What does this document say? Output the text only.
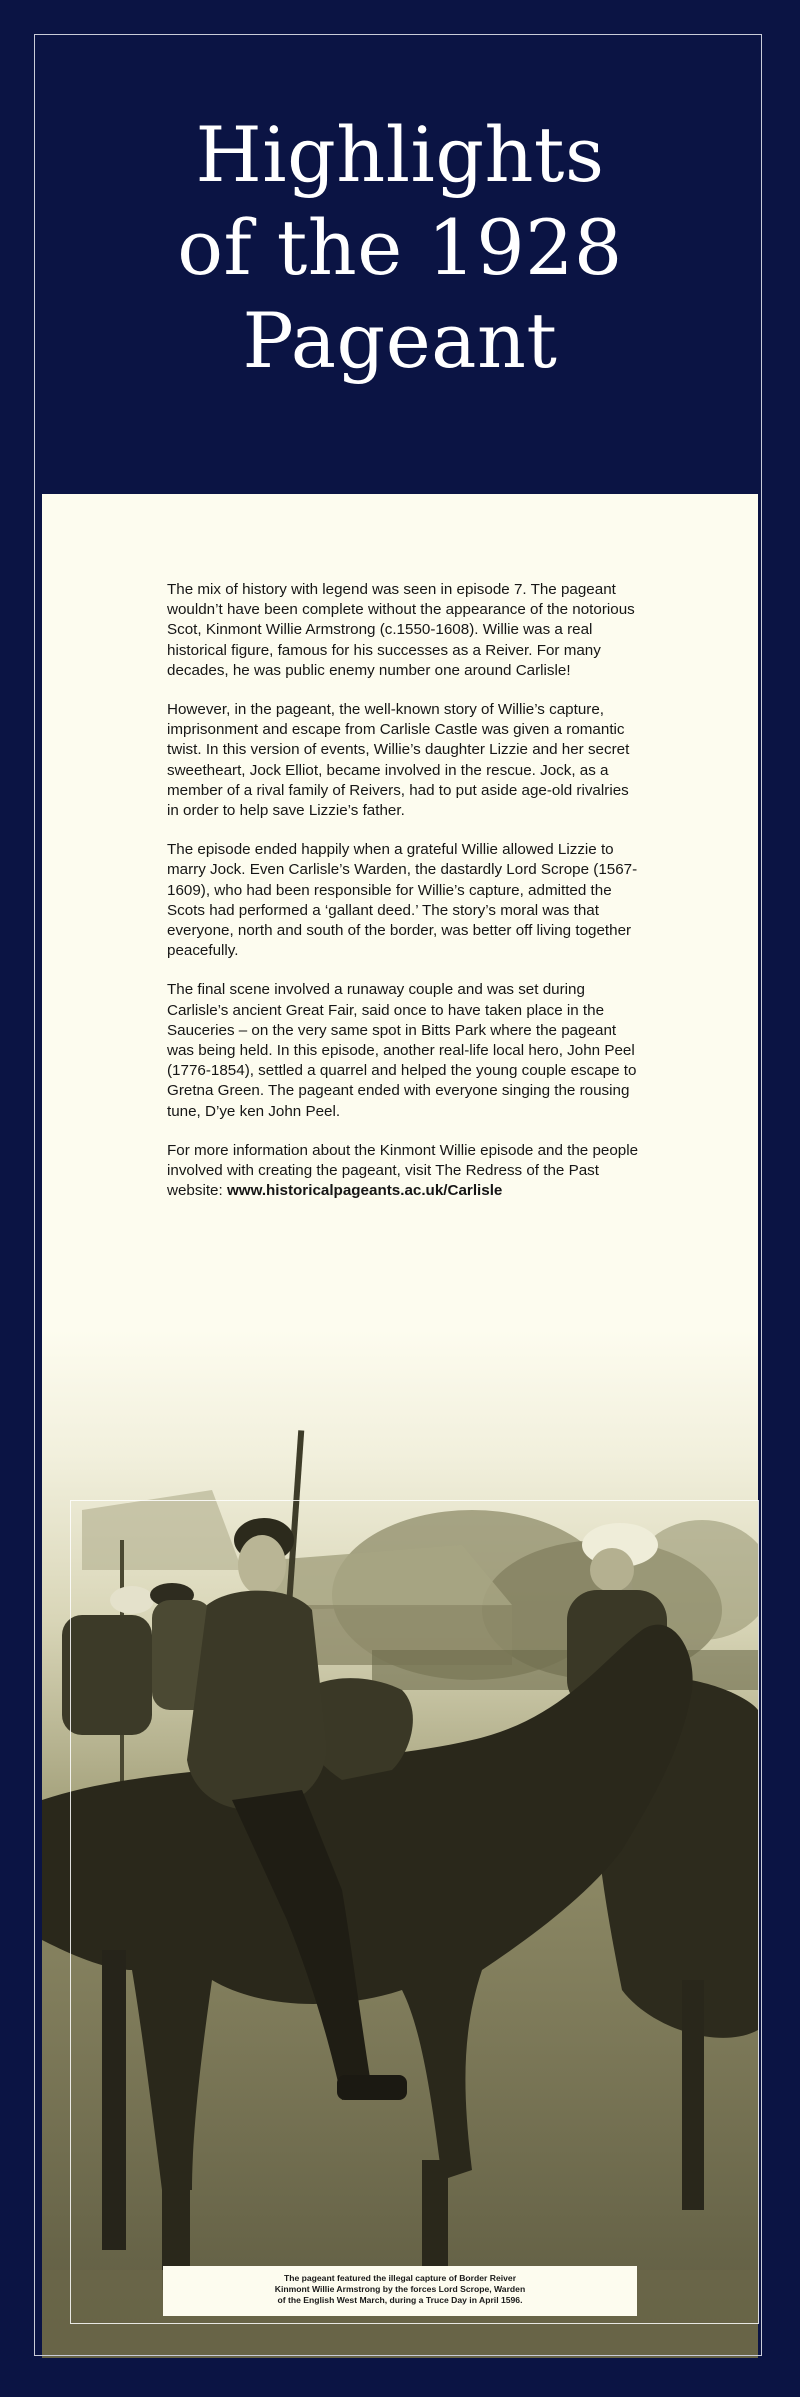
Highlights
of the 1928
Pageant

The mix of history with legend was seen in episode 7. The pageant wouldn’t have been complete without the appearance of the notorious Scot, Kinmont Willie Armstrong (c.1550-1608). Willie was a real historical figure, famous for his successes as a Reiver. For many decades, he was public enemy number one around Carlisle!

However, in the pageant, the well-known story of Willie’s capture, imprisonment and escape from Carlisle Castle was given a romantic twist. In this version of events, Willie’s daughter Lizzie and her secret sweetheart, Jock Elliot, became involved in the rescue. Jock, as a member of a rival family of Reivers, had to put aside age-old rivalries in order to help save Lizzie’s father.

The episode ended happily when a grateful Willie allowed Lizzie to marry Jock. Even Carlisle’s Warden, the dastardly Lord Scrope (1567-1609), who had been responsible for Willie’s capture, admitted the Scots had performed a ‘gallant deed.’ The story’s moral was that everyone, north and south of the border, was better off living together peacefully.

The final scene involved a runaway couple and was set during Carlisle’s ancient Great Fair, said once to have taken place in the Sauceries – on the very same spot in Bitts Park where the pageant was being held. In this episode, another real-life local hero, John Peel (1776-1854), settled a quarrel and helped the young couple escape to Gretna Green. The pageant ended with everyone singing the rousing tune, D’ye ken John Peel.

For more information about the Kinmont Willie episode and the people involved with creating the pageant, visit The Redress of the Past website: www.historicalpageants.ac.uk/Carlisle

The pageant featured the illegal capture of Border Reiver
Kinmont Willie Armstrong by the forces Lord Scrope, Warden
of the English West March, during a Truce Day in April 1596.
